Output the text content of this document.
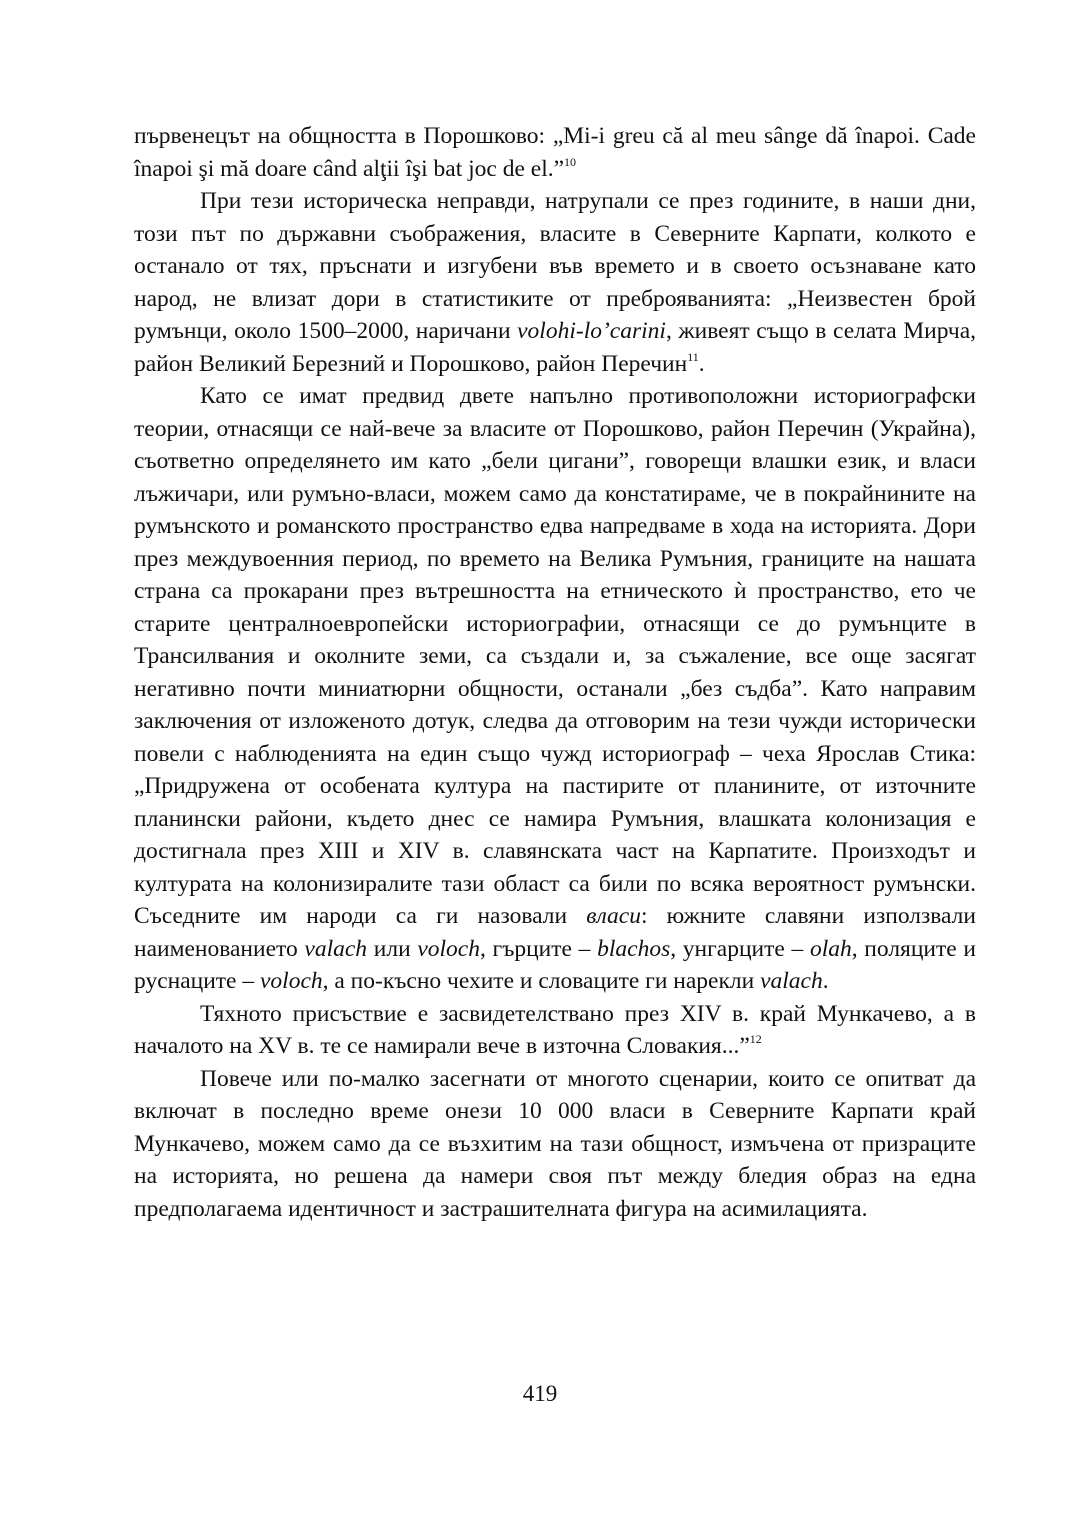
първенецът на общността в Порошково: „Mi-i greu că al meu sânge dă înapoi. Cade înapoi şi mă doare când alţii îşi bat joc de el.”$^{10}$

При тези историческа неправди, натрупали се през годините, в наши дни, този път по държавни съображения, власите в Северните Карпати, колкото е останало от тях, пръснати и изгубени във времето и в своето осъзнаване като народ, не влизат дори в статистиките от преброяванията: „Неизвестен брой румънци, около 1500–2000, наричани volohi-lo’carini, живеят също в селата Мирча, район Великий Березний и Порошково, район Перечин$^{11}$.

Като се имат предвид двете напълно противоположни историографски теории, отнасящи се най-вече за власите от Порошково, район Перечин (Украйна), съответно определянето им като „бели цигани”, говорещи влашки език, и власи лъжичари, или румъно-власи, можем само да констатираме, че в покрайнините на румънското и романското пространство едва напредваме в хода на историята. Дори през междувоенния период, по времето на Велика Румъния, границите на нашата страна са прокарани през вътрешността на етническото ѝ пространство, ето че старите централноевропейски историографии, отнасящи се до румънците в Трансилвания и околните земи, са създали и, за съжаление, все още засягат негативно почти миниатюрни общности, останали „без съдба”. Като направим заключения от изложеното дотук, следва да отговорим на тези чужди исторически повели с наблюденията на един също чужд историограф – чеха Ярослав Стика: „Придружена от особената култура на пастирите от планините, от източните планински райони, където днес се намира Румъния, влашката колонизация е достигнала през XIII и XIV в. славянската част на Карпатите. Произходът и културата на колонизиралите тази област са били по всяка вероятност румънски. Съседните им народи са ги назовали власи: южните славяни използвали наименованието valach или voloch, гърците – blachos, унгарците – olah, поляците и руснаците – voloch, а по-късно чехите и словаците ги нарекли valach.

Тяхното присъствие е засвидетелствано през XIV в. край Мункачево, а в началото на XV в. те се намирали вече в източна Словакия...”$^{12}$

Повече или по-малко засегнати от многото сценарии, които се опитват да включат в последно време онези 10 000 власи в Северните Карпати край Мункачево, можем само да се възхитим на тази общност, измъчена от призраците на историята, но решена да намери своя път между бледия образ на една предполагаема идентичност и застрашителната фигура на асимилацията.

419
